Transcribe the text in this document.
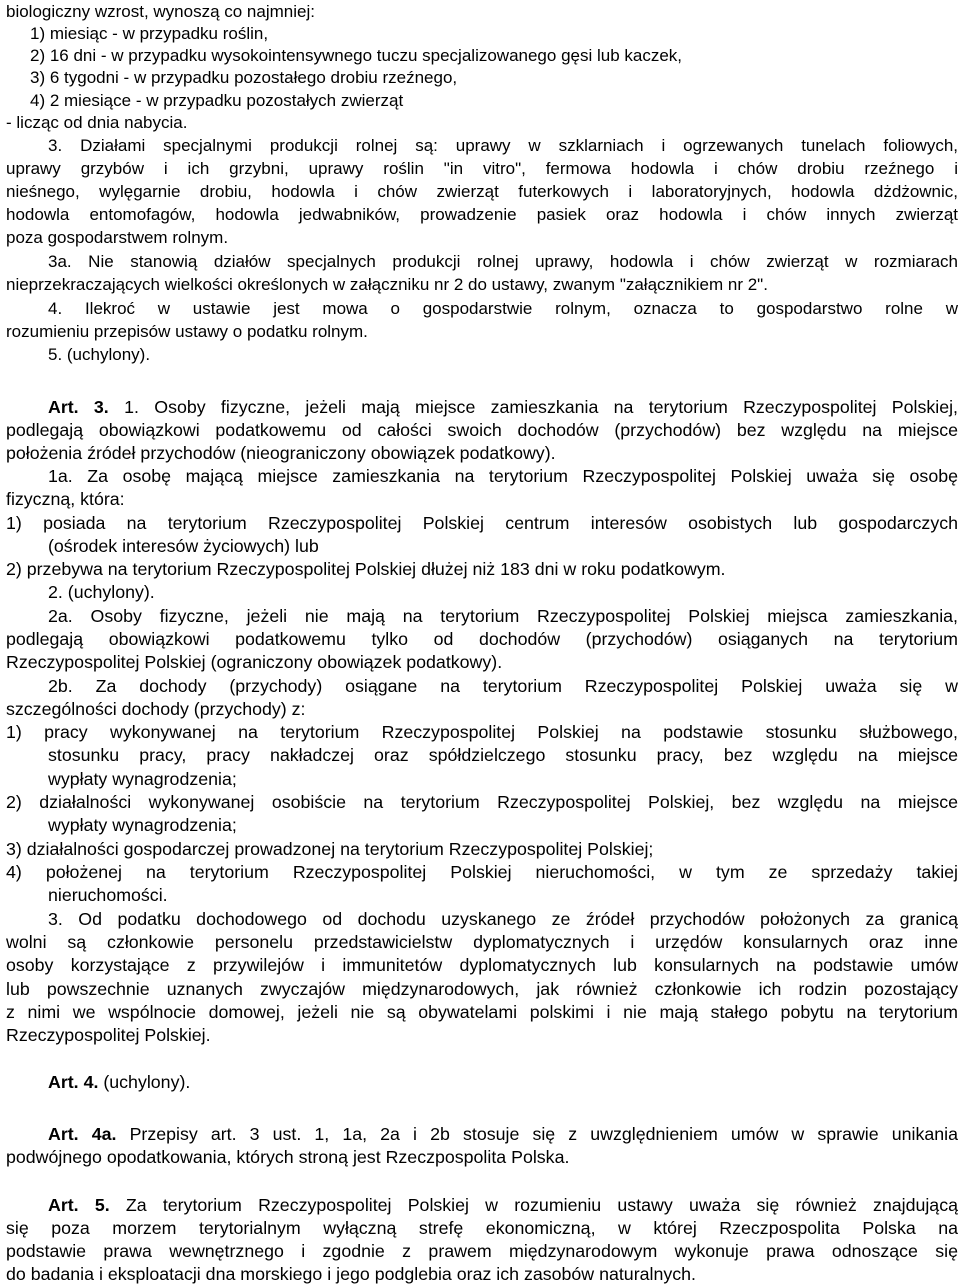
biologiczny wzrost, wynoszą co najmniej:
1) miesiąc - w przypadku roślin,
2) 16 dni - w przypadku wysokointensywnego tuczu specjalizowanego gęsi lub kaczek,
3) 6 tygodni - w przypadku pozostałego drobiu rzeźnego,
4) 2 miesiące - w przypadku pozostałych zwierząt
- licząc od dnia nabycia.
3. Działami specjalnymi produkcji rolnej są: uprawy w szklarniach i ogrzewanych tunelach foliowych,
uprawy grzybów i ich grzybni, uprawy roślin "in vitro", fermowa hodowla i chów drobiu rzeźnego i
nieśnego, wylęgarnie drobiu, hodowla i chów zwierząt futerkowych i laboratoryjnych, hodowla dżdżownic,
hodowla entomofagów, hodowla jedwabników, prowadzenie pasiek oraz hodowla i chów innych zwierząt
poza gospodarstwem rolnym.
3a. Nie stanowią działów specjalnych produkcji rolnej uprawy, hodowla i chów zwierząt w rozmiarach
nieprzekraczających wielkości określonych w załączniku nr 2 do ustawy, zwanym "załącznikiem nr 2".
4. Ilekroć w ustawie jest mowa o gospodarstwie rolnym, oznacza to gospodarstwo rolne w
rozumieniu przepisów ustawy o podatku rolnym.
5. (uchylony).
Art. 3. 1. Osoby fizyczne, jeżeli mają miejsce zamieszkania na terytorium Rzeczypospolitej Polskiej,
podlegają obowiązkowi podatkowemu od całości swoich dochodów (przychodów) bez względu na miejsce
położenia źródeł przychodów (nieograniczony obowiązek podatkowy).
1a. Za osobę mającą miejsce zamieszkania na terytorium Rzeczypospolitej Polskiej uważa się osobę
fizyczną, która:
1) posiada na terytorium Rzeczypospolitej Polskiej centrum interesów osobistych lub gospodarczych
(ośrodek interesów życiowych) lub
2) przebywa na terytorium Rzeczypospolitej Polskiej dłużej niż 183 dni w roku podatkowym.
2. (uchylony).
2a. Osoby fizyczne, jeżeli nie mają na terytorium Rzeczypospolitej Polskiej miejsca zamieszkania,
podlegają obowiązkowi podatkowemu tylko od dochodów (przychodów) osiąganych na terytorium
Rzeczypospolitej Polskiej (ograniczony obowiązek podatkowy).
2b. Za dochody (przychody) osiągane na terytorium Rzeczypospolitej Polskiej uważa się w
szczególności dochody (przychody) z:
1) pracy wykonywanej na terytorium Rzeczypospolitej Polskiej na podstawie stosunku służbowego,
stosunku pracy, pracy nakładczej oraz spółdzielczego stosunku pracy, bez względu na miejsce
wypłaty wynagrodzenia;
2) działalności wykonywanej osobiście na terytorium Rzeczypospolitej Polskiej, bez względu na miejsce
wypłaty wynagrodzenia;
3) działalności gospodarczej prowadzonej na terytorium Rzeczypospolitej Polskiej;
4) położenej na terytorium Rzeczypospolitej Polskiej nieruchomości, w tym ze sprzedaży takiej
nieruchomości.
3. Od podatku dochodowego od dochodu uzyskanego ze źródeł przychodów położonych za granicą
wolni są członkowie personelu przedstawicielstw dyplomatycznych i urzędów konsularnych oraz inne
osoby korzystające z przywilejów i immunitetów dyplomatycznych lub konsularnych na podstawie umów
lub powszechnie uznanych zwyczajów międzynarodowych, jak również członkowie ich rodzin pozostający
z nimi we wspólnocie domowej, jeżeli nie są obywatelami polskimi i nie mają stałego pobytu na terytorium
Rzeczypospolitej Polskiej.
Art. 4. (uchylony).
Art. 4a. Przepisy art. 3 ust. 1, 1a, 2a i 2b stosuje się z uwzględnieniem umów w sprawie unikania
podwójnego opodatkowania, których stroną jest Rzeczpospolita Polska.
Art. 5. Za terytorium Rzeczypospolitej Polskiej w rozumieniu ustawy uważa się również znajdującą
się poza morzem terytorialnym wyłączną strefę ekonomiczną, w której Rzeczpospolita Polska na
podstawie prawa wewnętrznego i zgodnie z prawem międzynarodowym wykonuje prawa odnoszące się
do badania i eksploatacji dna morskiego i jego podglebia oraz ich zasobów naturalnych.
